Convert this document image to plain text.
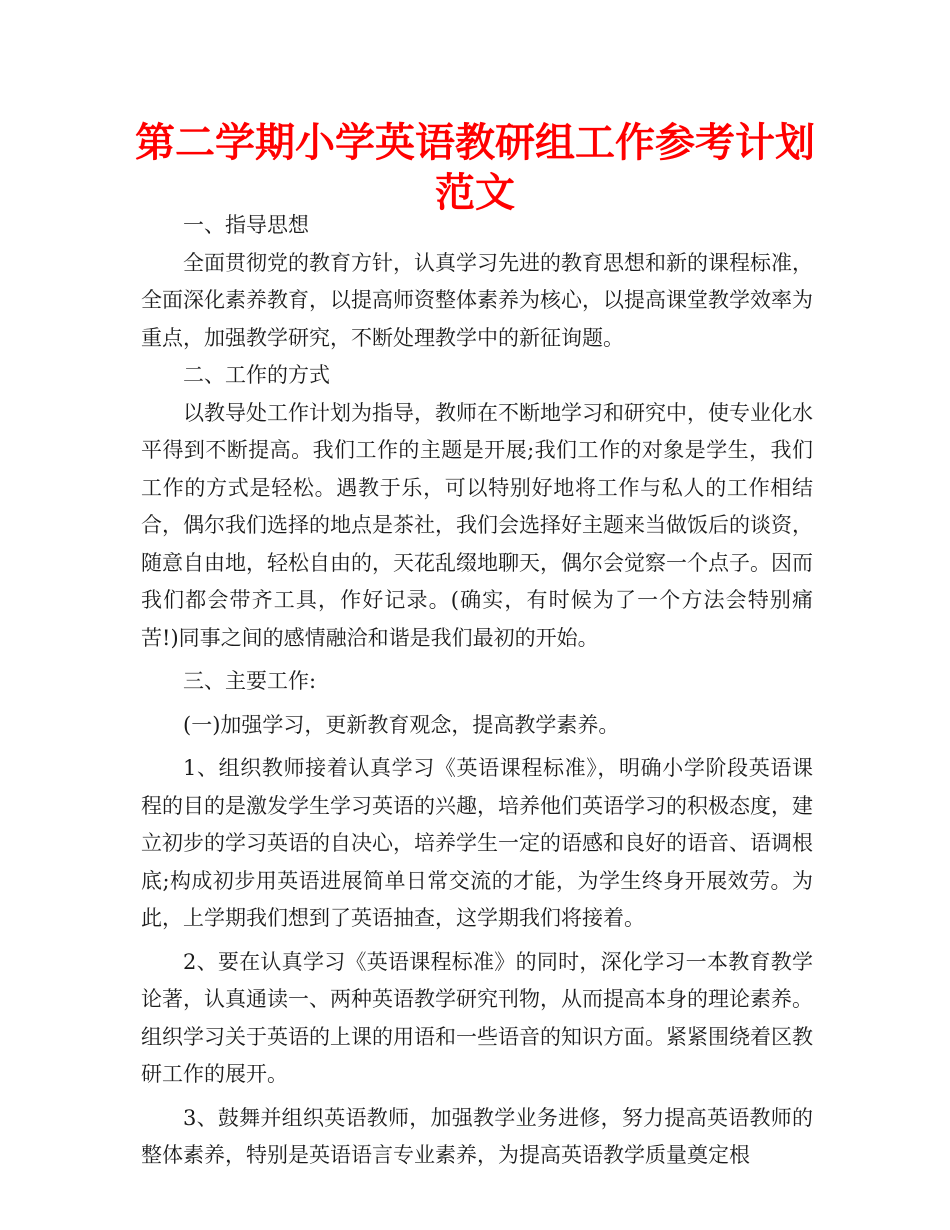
第二学期小学英语教研组工作参考计划范文

一、指导思想

全面贯彻党的教育方针，认真学习先进的教育思想和新的课程标准，全面深化素养教育，以提高师资整体素养为核心，以提高课堂教学效率为重点，加强教学研究，不断处理教学中的新征询题。

二、工作的方式

以教导处工作计划为指导，教师在不断地学习和研究中，使专业化水平得到不断提高。我们工作的主题是开展;我们工作的对象是学生，我们工作的方式是轻松。遇教于乐，可以特别好地将工作与私人的工作相结合，偶尔我们选择的地点是茶社，我们会选择好主题来当做饭后的谈资，随意自由地，轻松自由的，天花乱缀地聊天，偶尔会觉察一个点子。因而我们都会带齐工具，作好记录。(确实，有时候为了一个方法会特别痛苦!)同事之间的感情融洽和谐是我们最初的开始。

三、主要工作:

(一)加强学习，更新教育观念，提高教学素养。

1、组织教师接着认真学习《英语课程标准》，明确小学阶段英语课程的目的是激发学生学习英语的兴趣，培养他们英语学习的积极态度，建立初步的学习英语的自决心，培养学生一定的语感和良好的语音、语调根底;构成初步用英语进展简单日常交流的才能，为学生终身开展效劳。为此，上学期我们想到了英语抽查，这学期我们将接着。

2、要在认真学习《英语课程标准》的同时，深化学习一本教育教学论著，认真通读一、两种英语教学研究刊物，从而提高本身的理论素养。组织学习关于英语的上课的用语和一些语音的知识方面。紧紧围绕着区教研工作的展开。

3、鼓舞并组织英语教师，加强教学业务进修，努力提高英语教师的整体素养，特别是英语语言专业素养，为提高英语教学质量奠定根
